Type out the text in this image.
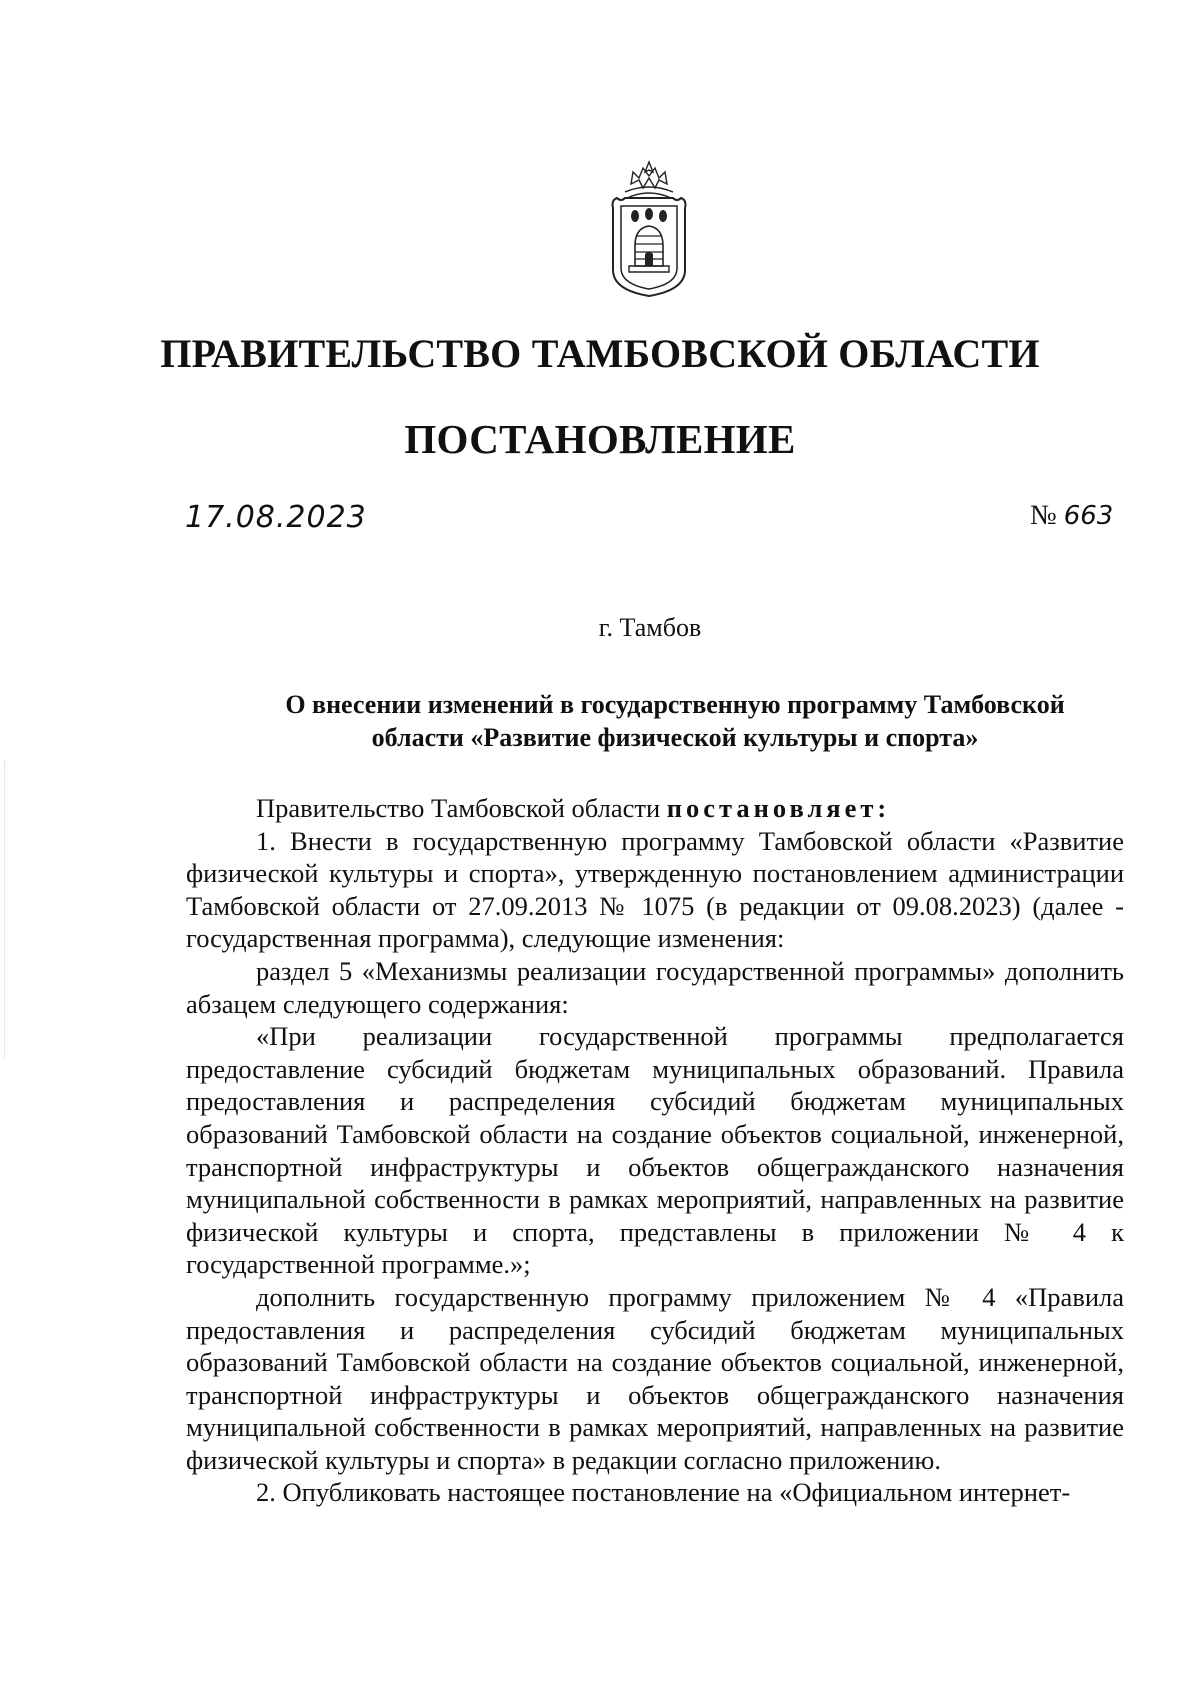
ПРАВИТЕЛЬСТВО ТАМБОВСКОЙ ОБЛАСТИ
ПОСТАНОВЛЕНИЕ
17.08.2023	№ 663
г. Тамбов
О внесении изменений в государственную программу Тамбовской
области «Развитие физической культуры и спорта»

Правительство Тамбовской области постановляет:

1. Внести в государственную программу Тамбовской области «Развитие физической культуры и спорта», утвержденную постановлением администрации Тамбовской области от 27.09.2013 № 1075 (в редакции от 09.08.2023) (далее - государственная программа), следующие изменения:

раздел 5 «Механизмы реализации государственной программы» дополнить абзацем следующего содержания:

«При реализации государственной программы предполагается предоставление субсидий бюджетам муниципальных образований. Правила предоставления и распределения субсидий бюджетам муниципальных образований Тамбовской области на создание объектов социальной, инженерной, транспортной инфраструктуры и объектов общегражданского назначения муниципальной собственности в рамках мероприятий, направленных на развитие физической культуры и спорта, представлены в приложении № 4 к государственной программе.»;

дополнить государственную программу приложением № 4 «Правила предоставления и распределения субсидий бюджетам муниципальных образований Тамбовской области на создание объектов социальной, инженерной, транспортной инфраструктуры и объектов общегражданского назначения муниципальной собственности в рамках мероприятий, направленных на развитие физической культуры и спорта» в редакции согласно приложению.

2. Опубликовать настоящее постановление на «Официальном интернет-
